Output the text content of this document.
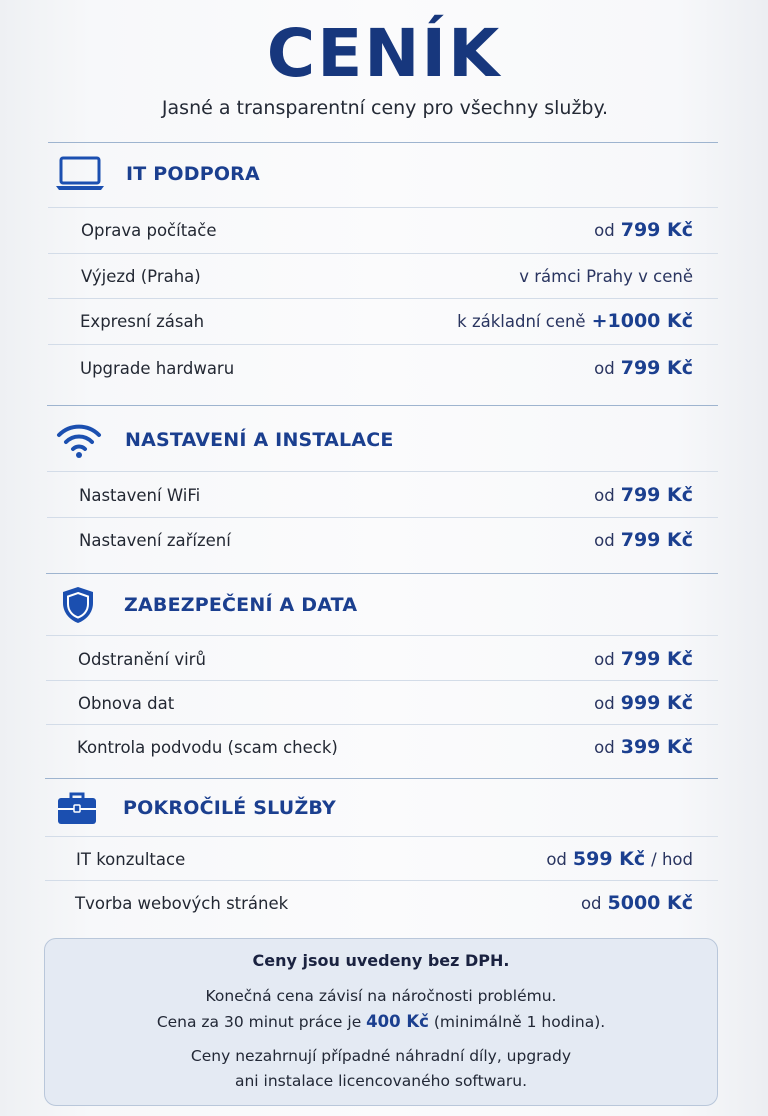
CENÍK
Jasné a transparentní ceny pro všechny služby.
IT PODPORA
Oprava počítače	od 799 Kč
Výjezd (Praha)	v rámci Prahy v ceně
Expresní zásah	k základní ceně +1000 Kč
Upgrade hardwaru	od 799 Kč
NASTAVENÍ A INSTALACE
Nastavení WiFi	od 799 Kč
Nastavení zařízení	od 799 Kč
ZABEZPEČENÍ A DATA
Odstranění virů	od 799 Kč
Obnova dat	od 999 Kč
Kontrola podvodu (scam check)	od 399 Kč
POKROČILÉ SLUŽBY
IT konzultace	od 599 Kč / hod
Tvorba webových stránek	od 5000 Kč
Ceny jsou uvedeny bez DPH.
Konečná cena závisí na náročnosti problému.
Cena za 30 minut práce je 400 Kč (minimálně 1 hodina).
Ceny nezahrnují případné náhradní díly, upgrady
ani instalace licencovaného softwaru.
